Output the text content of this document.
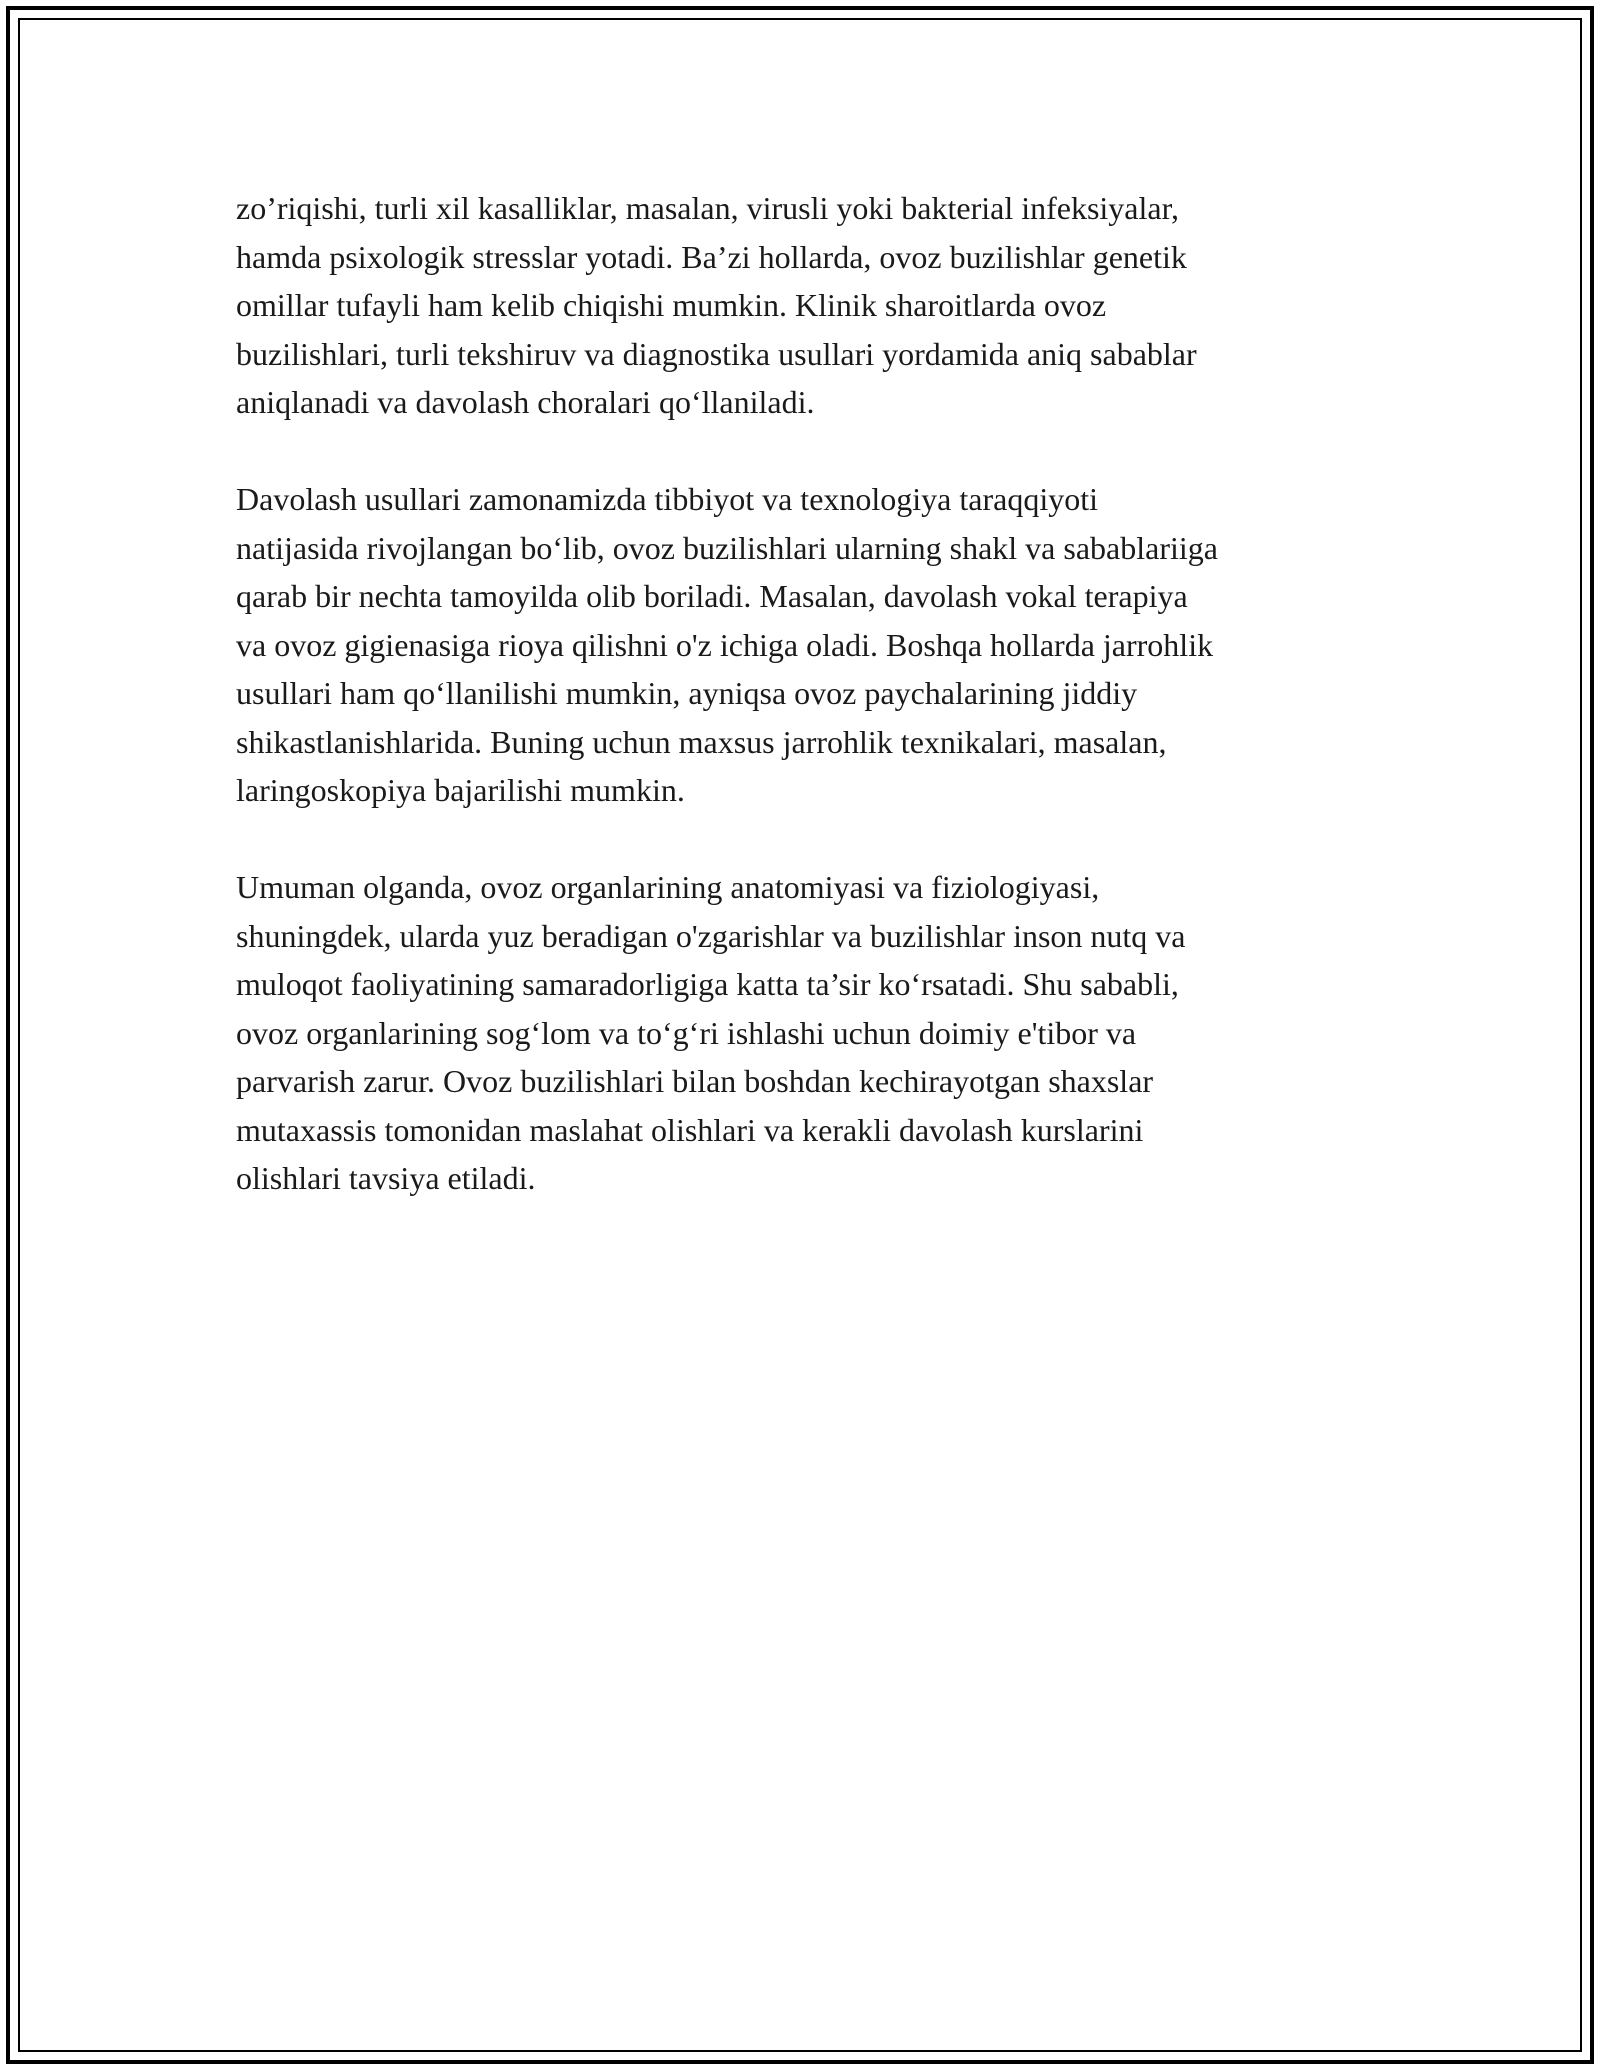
zo’riqishi, turli xil kasalliklar, masalan, virusli yoki bakterial infeksiyalar,
hamda psixologik stresslar yotadi. Ba’zi hollarda, ovoz buzilishlar genetik
omillar tufayli ham kelib chiqishi mumkin. Klinik sharoitlarda ovoz
buzilishlari, turli tekshiruv va diagnostika usullari yordamida aniq sabablar
aniqlanadi va davolash choralari qo‘llaniladi.

Davolash usullari zamonamizda tibbiyot va texnologiya taraqqiyoti
natijasida rivojlangan bo‘lib, ovoz buzilishlari ularning shakl va sabablariiga
qarab bir nechta tamoyilda olib boriladi. Masalan, davolash vokal terapiya
va ovoz gigienasiga rioya qilishni o'z ichiga oladi. Boshqa hollarda jarrohlik
usullari ham qo‘llanilishi mumkin, ayniqsa ovoz paychalarining jiddiy
shikastlanishlarida. Buning uchun maxsus jarrohlik texnikalari, masalan,
laringoskopiya bajarilishi mumkin.

Umuman olganda, ovoz organlarining anatomiyasi va fiziologiyasi,
shuningdek, ularda yuz beradigan o'zgarishlar va buzilishlar inson nutq va
muloqot faoliyatining samaradorligiga katta ta’sir ko‘rsatadi. Shu sababli,
ovoz organlarining sog‘lom va to‘g‘ri ishlashi uchun doimiy e'tibor va
parvarish zarur. Ovoz buzilishlari bilan boshdan kechirayotgan shaxslar
mutaxassis tomonidan maslahat olishlari va kerakli davolash kurslarini
olishlari tavsiya etiladi.
